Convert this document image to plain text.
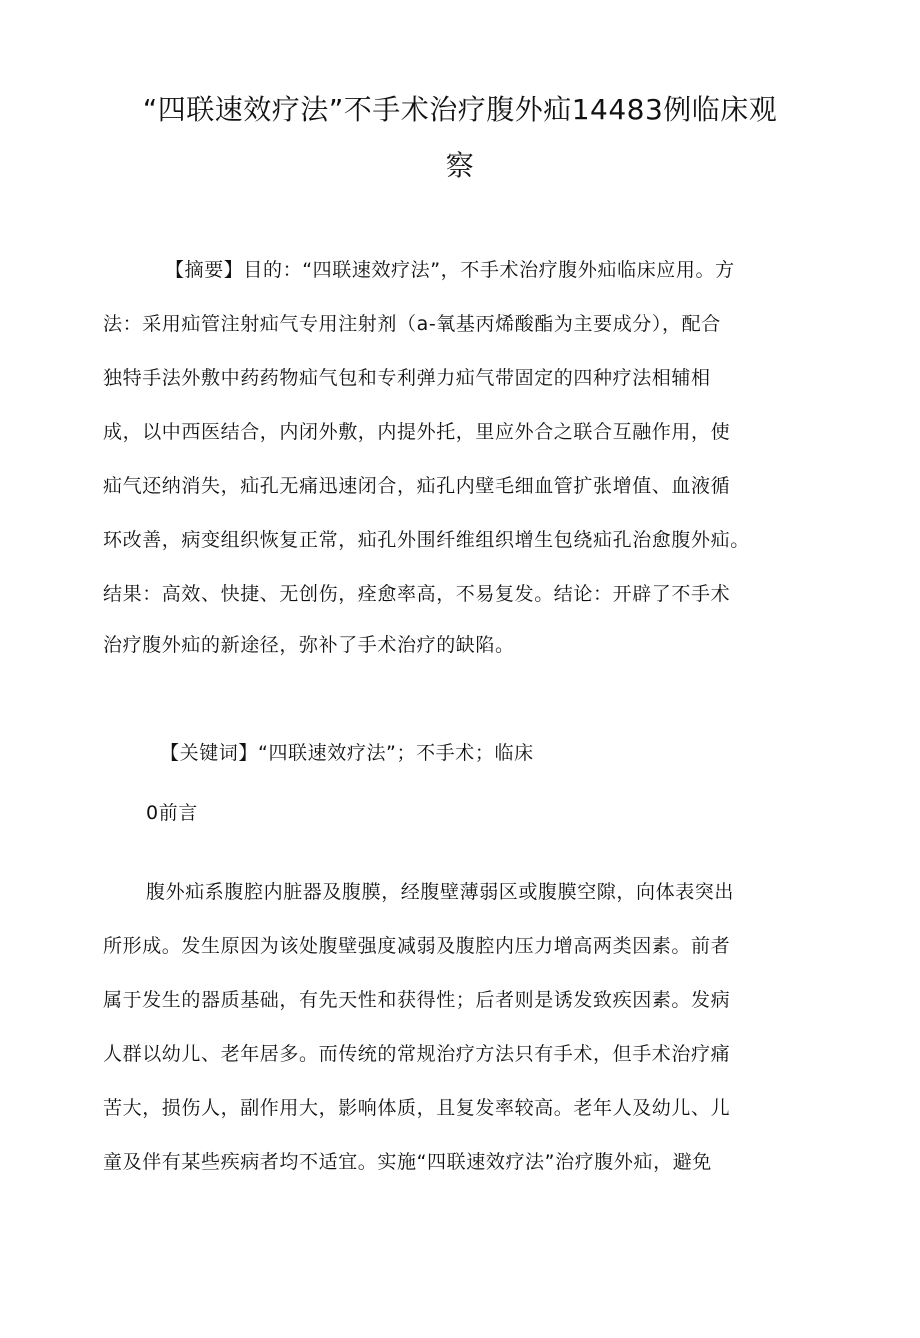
“四联速效疗法”不手术治疗腹外疝14483例临床观
察
【摘要】目的：“四联速效疗法”，不手术治疗腹外疝临床应用。方
法：采用疝管注射疝气专用注射剂（a-氧基丙烯酸酯为主要成分），配合
独特手法外敷中药药物疝气包和专利弹力疝气带固定的四种疗法相辅相
成，以中西医结合，内闭外敷，内提外托，里应外合之联合互融作用，使
疝气还纳消失，疝孔无痛迅速闭合，疝孔内壁毛细血管扩张增值、血液循
环改善，病变组织恢复正常，疝孔外围纤维组织增生包绕疝孔治愈腹外疝。
结果：高效、快捷、无创伤，痊愈率高，不易复发。结论：开辟了不手术
治疗腹外疝的新途径，弥补了手术治疗的缺陷。
【关键词】“四联速效疗法”；不手术；临床
0前言
腹外疝系腹腔内脏器及腹膜，经腹壁薄弱区或腹膜空隙，向体表突出
所形成。发生原因为该处腹壁强度减弱及腹腔内压力增高两类因素。前者
属于发生的器质基础，有先天性和获得性；后者则是诱发致疾因素。发病
人群以幼儿、老年居多。而传统的常规治疗方法只有手术，但手术治疗痛
苦大，损伤人，副作用大，影响体质，且复发率较高。老年人及幼儿、儿
童及伴有某些疾病者均不适宜。实施“四联速效疗法”治疗腹外疝，避免
